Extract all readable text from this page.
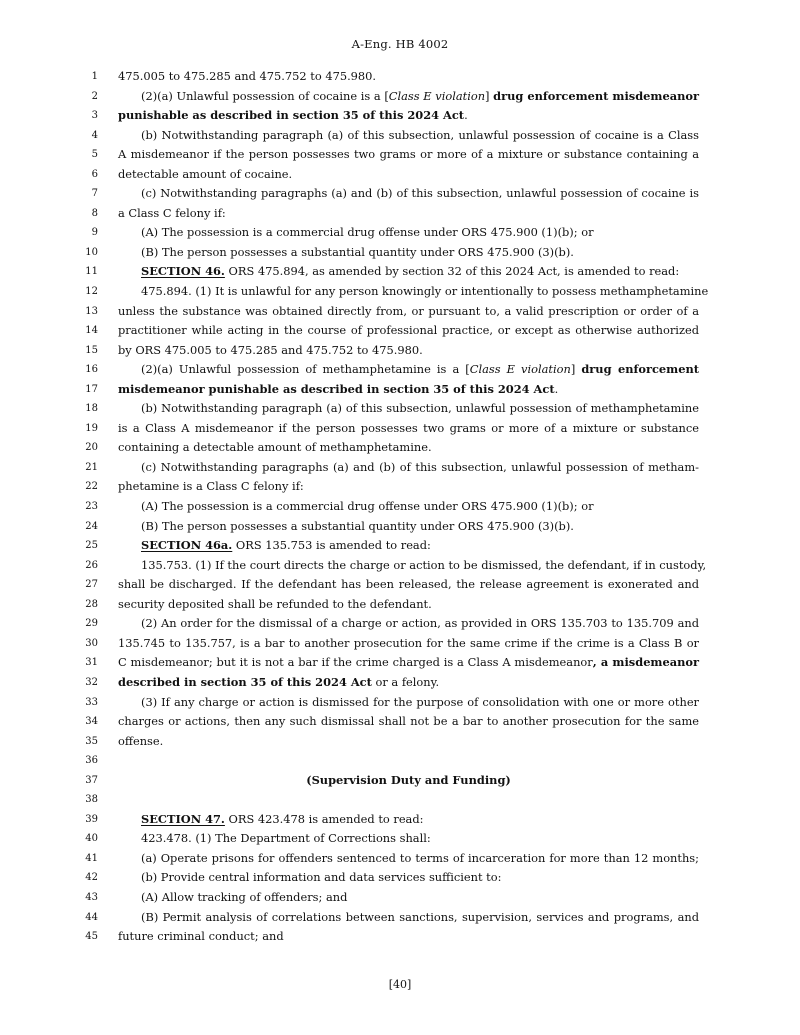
A-Eng. HB 4002
1 475.005 to 475.285 and 475.752 to 475.980.
2	(2)(a) Unlawful possession of cocaine is a [Class E violation] drug enforcement misdemeanor
3 punishable as described in section 35 of this 2024 Act.
4	(b) Notwithstanding paragraph (a) of this subsection, unlawful possession of cocaine is a Class
5 A misdemeanor if the person possesses two grams or more of a mixture or substance containing a
6 detectable amount of cocaine.
7	(c) Notwithstanding paragraphs (a) and (b) of this subsection, unlawful possession of cocaine is
8 a Class C felony if:
9	(A) The possession is a commercial drug offense under ORS 475.900 (1)(b); or
10	(B) The person possesses a substantial quantity under ORS 475.900 (3)(b).
11	SECTION 46. ORS 475.894, as amended by section 32 of this 2024 Act, is amended to read:
12	475.894. (1) It is unlawful for any person knowingly or intentionally to possess methamphetamine
13 unless the substance was obtained directly from, or pursuant to, a valid prescription or order of a
14 practitioner while acting in the course of professional practice, or except as otherwise authorized
15 by ORS 475.005 to 475.285 and 475.752 to 475.980.
16	(2)(a) Unlawful possession of methamphetamine is a [Class E violation] drug enforcement
17 misdemeanor punishable as described in section 35 of this 2024 Act.
18	(b) Notwithstanding paragraph (a) of this subsection, unlawful possession of methamphetamine
19 is a Class A misdemeanor if the person possesses two grams or more of a mixture or substance
20 containing a detectable amount of methamphetamine.
21	(c) Notwithstanding paragraphs (a) and (b) of this subsection, unlawful possession of metham-
22 phetamine is a Class C felony if:
23	(A) The possession is a commercial drug offense under ORS 475.900 (1)(b); or
24	(B) The person possesses a substantial quantity under ORS 475.900 (3)(b).
25	SECTION 46a. ORS 135.753 is amended to read:
26	135.753. (1) If the court directs the charge or action to be dismissed, the defendant, if in custody,
27 shall be discharged. If the defendant has been released, the release agreement is exonerated and
28 security deposited shall be refunded to the defendant.
29	(2) An order for the dismissal of a charge or action, as provided in ORS 135.703 to 135.709 and
30 135.745 to 135.757, is a bar to another prosecution for the same crime if the crime is a Class B or
31 C misdemeanor; but it is not a bar if the crime charged is a Class A misdemeanor, a misdemeanor
32 described in section 35 of this 2024 Act or a felony.
33	(3) If any charge or action is dismissed for the purpose of consolidation with one or more other
34 charges or actions, then any such dismissal shall not be a bar to another prosecution for the same
35 offense.
36
37	(Supervision Duty and Funding)
38
39	SECTION 47. ORS 423.478 is amended to read:
40	423.478. (1) The Department of Corrections shall:
41	(a) Operate prisons for offenders sentenced to terms of incarceration for more than 12 months;
42	(b) Provide central information and data services sufficient to:
43	(A) Allow tracking of offenders; and
44	(B) Permit analysis of correlations between sanctions, supervision, services and programs, and
45 future criminal conduct; and
[40]
